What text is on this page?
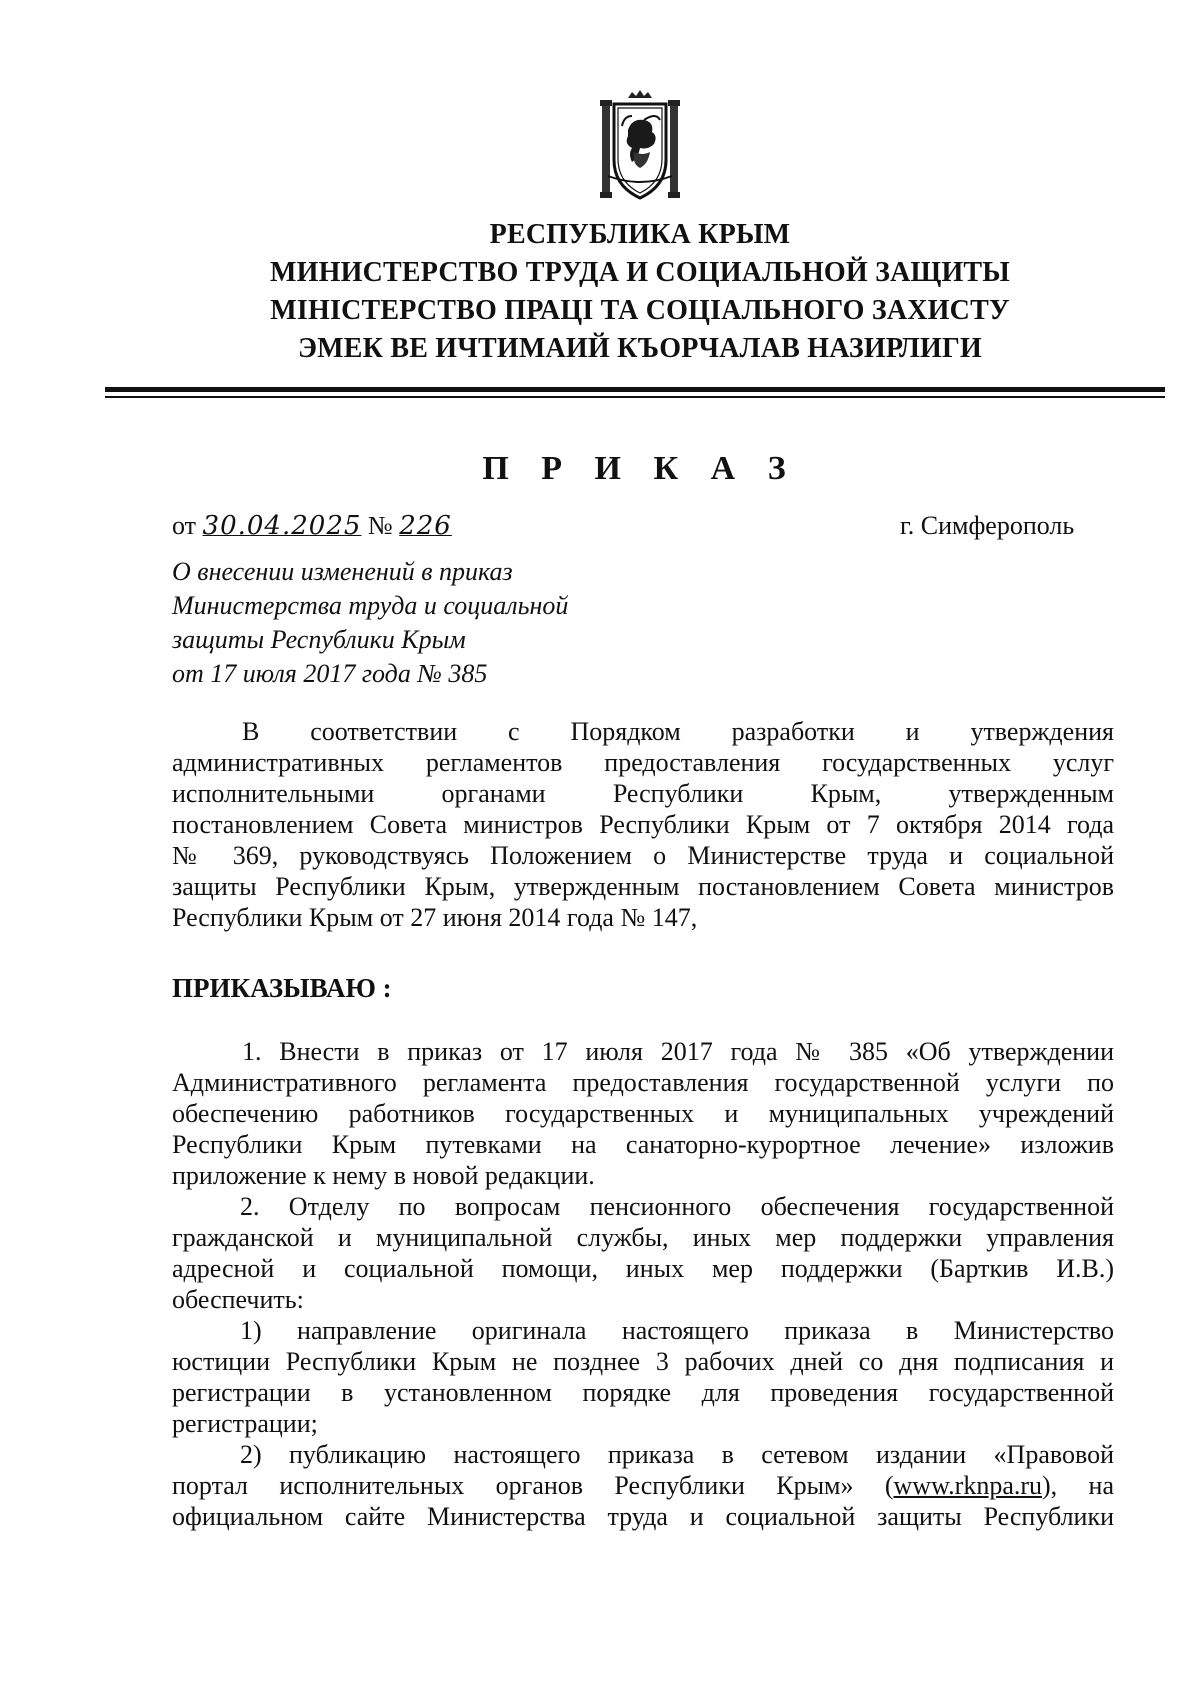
РЕСПУБЛИКА КРЫМ
МИНИСТЕРСТВО ТРУДА И СОЦИАЛЬНОЙ ЗАЩИТЫ
МІНІСТЕРСТВО ПРАЦІ ТА СОЦІАЛЬНОГО ЗАХИСТУ
ЭМЕК ВЕ ИЧТИМАИЙ КЪОРЧАЛАВ НАЗИРЛИГИ
П Р И К А З
от 30.04.2025 № 226	г. Симферополь
О внесении изменений в приказ
Министерства труда и социальной
защиты Республики Крым
от 17 июля 2017 года № 385
В соответствии с Порядком разработки и утверждения
административных регламентов предоставления государственных услуг
исполнительными органами Республики Крым, утвержденным
постановлением Совета министров Республики Крым от 7 октября 2014 года
№ 369, руководствуясь Положением о Министерстве труда и социальной
защиты Республики Крым, утвержденным постановлением Совета министров
Республики Крым от 27 июня 2014 года № 147,
ПРИКАЗЫВАЮ :
1. Внести в приказ от 17 июля 2017 года № 385 «Об утверждении
Административного регламента предоставления государственной услуги по
обеспечению работников государственных и муниципальных учреждений
Республики Крым путевками на санаторно-курортное лечение» изложив
приложение к нему в новой редакции.
2. Отделу по вопросам пенсионного обеспечения государственной
гражданской и муниципальной службы, иных мер поддержки управления
адресной и социальной помощи, иных мер поддержки (Барткив И.В.)
обеспечить:
1) направление оригинала настоящего приказа в Министерство
юстиции Республики Крым не позднее 3 рабочих дней со дня подписания и
регистрации в установленном порядке для проведения государственной
регистрации;
2) публикацию настоящего приказа в сетевом издании «Правовой
портал исполнительных органов Республики Крым» (www.rknpa.ru), на
официальном сайте Министерства труда и социальной защиты Республики
